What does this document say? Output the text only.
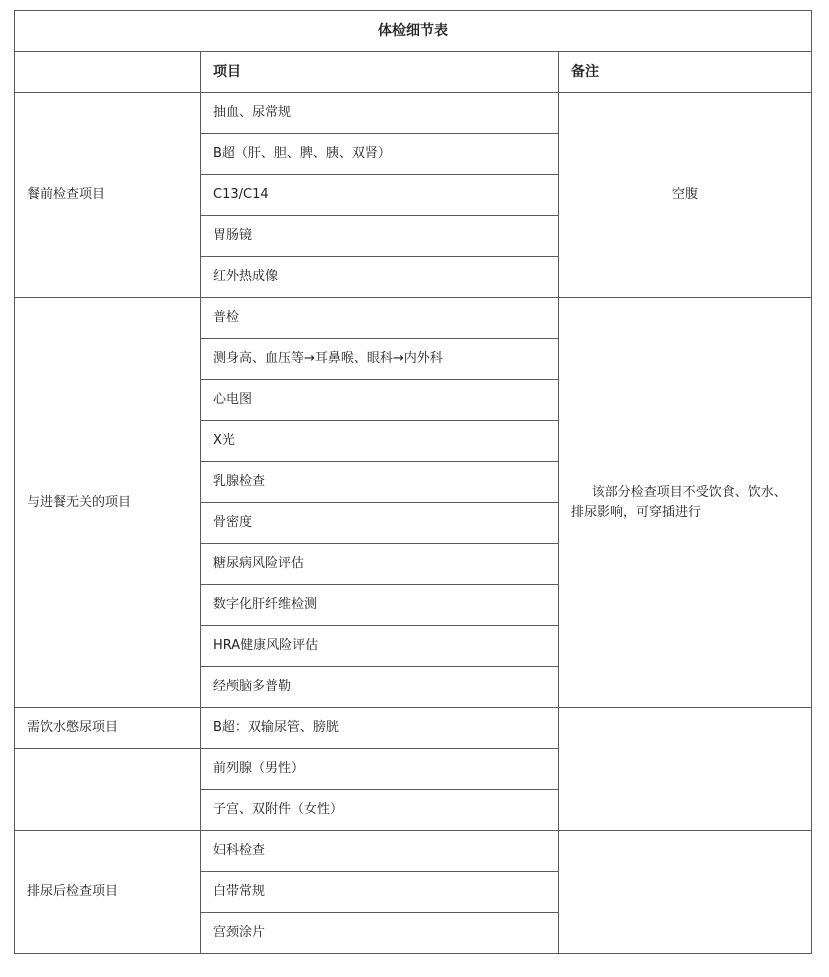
体检细节表		
	项目	备注
餐前检查项目	抽血、尿常规	空腹
	B超（肝、胆、脾、胰、双肾）	
	C13/C14	
	胃肠镜	
	红外热成像	
与进餐无关的项目	普检	该部分检查项目不受饮食、饮水、排尿影响，可穿插进行

	测身高、血压等→耳鼻喉、眼科→内外科	
	心电图	
	X光	
	乳腺检查	
	骨密度	
	糖尿病风险评估	
	数字化肝纤维检测	
	HRA健康风险评估	
	经颅脑多普勒	
需饮水憋尿项目	B超：双输尿管、膀胱	
	前列腺（男性）	
	子宫、双附件（女性）	
排尿后检查项目	妇科检查	
	白带常规	
	宫颈涂片	
